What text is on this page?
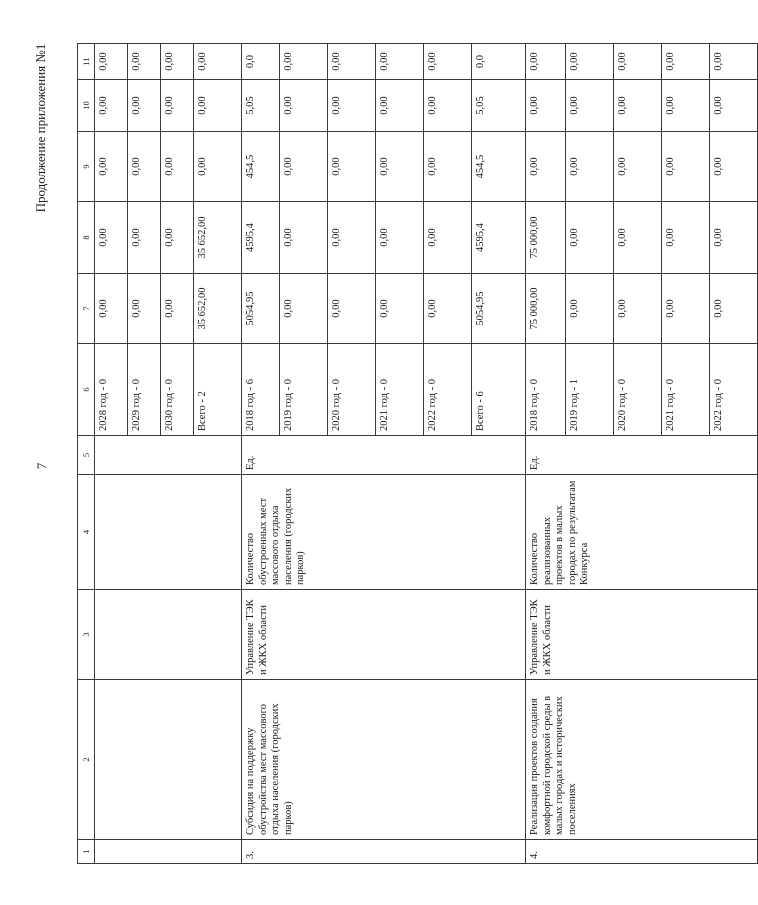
7
Продолжение приложения №1
1	2	3	4	5	6	7	8	9	10	11
					2028 год - 0	0,00	0,00	0,00	0,00	0,00
					2029 год - 0	0,00	0,00	0,00	0,00	0,00
					2030 год - 0	0,00	0,00	0,00	0,00	0,00
					Всего - 2	35 652,00	35 652,00	0,00	0,00	0,00
3.	Субсидия на поддержку обустройства мест массового отдыха населения (городских парков)	Управление ТЭК и ЖКХ области	Количество обустроенных мест массового отдыха населения (городских парков)	Ед.	2018 год - 6	5054,95	4595,4	454,5	5,05	0,0
					2019 год - 0	0,00	0,00	0,00	0,00	0,00
					2020 год - 0	0,00	0,00	0,00	0,00	0,00
					2021 год - 0	0,00	0,00	0,00	0,00	0,00
					2022 год - 0	0,00	0,00	0,00	0,00	0,00
					Всего - 6	5054,95	4595,4	454,5	5,05	0,0
4.	Реализация проектов создания комфортной городской среды в малых городах и исторических поселениях	Управление ТЭК и ЖКХ области	Количество реализованных проектов в малых городах по результатам Конкурса	Ед.	2018 год - 0	75 000,00	75 000,00	0,00	0,00	0,00
					2019 год - 1	0,00	0,00	0,00	0,00	0,00
					2020 год - 0	0,00	0,00	0,00	0,00	0,00
					2021 год - 0	0,00	0,00	0,00	0,00	0,00
					2022 год - 0	0,00	0,00	0,00	0,00	0,00
